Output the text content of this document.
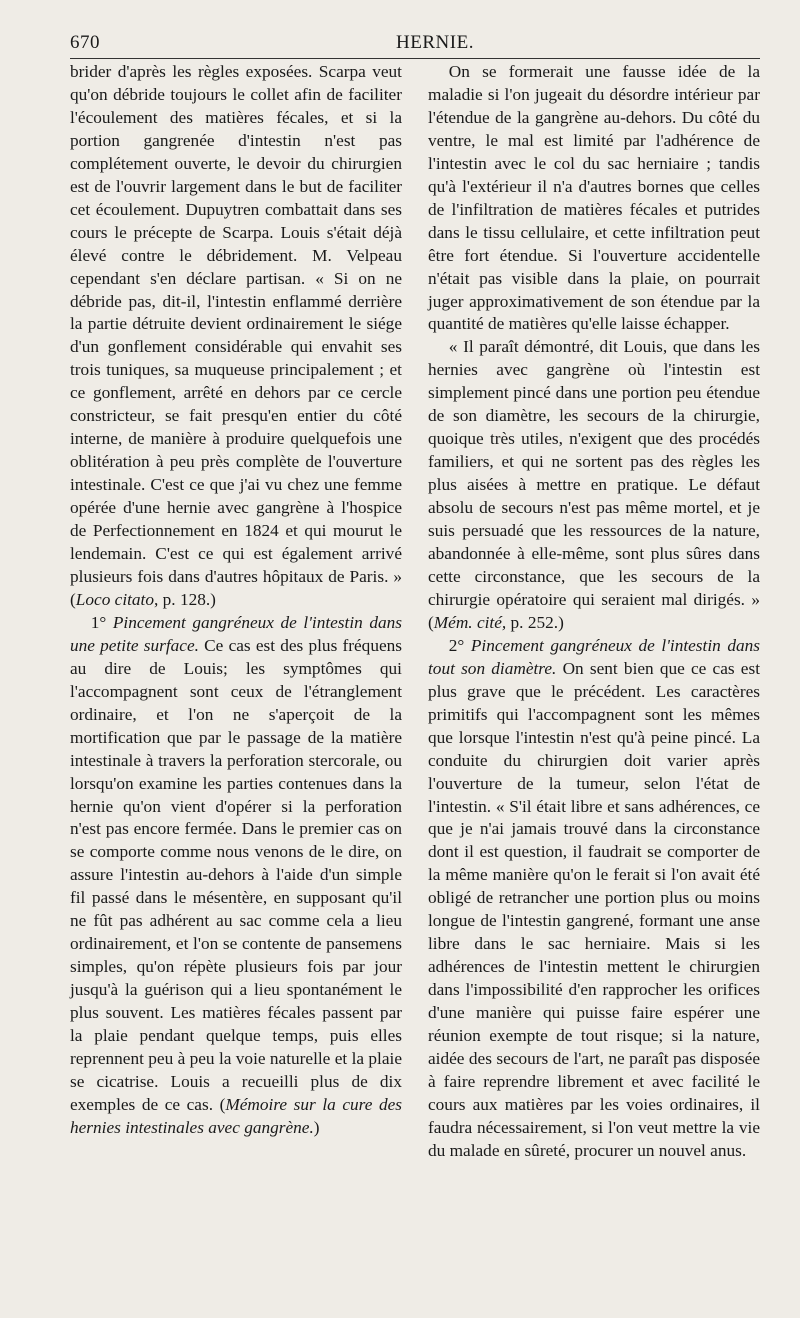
670	HERNIE.

brider d'après les règles exposées. Scarpa veut qu'on débride toujours le collet afin de faciliter l'écoulement des matières fécales, et si la portion gangrenée d'intestin n'est pas complétement ouverte, le devoir du chirurgien est de l'ouvrir largement dans le but de faciliter cet écoulement. Dupuytren combattait dans ses cours le précepte de Scarpa. Louis s'était déjà élevé contre le débridement. M. Velpeau cependant s'en déclare partisan. « Si on ne débride pas, dit-il, l'intestin enflammé derrière la partie détruite devient ordinairement le siége d'un gonflement considérable qui envahit ses trois tuniques, sa muqueuse principalement ; et ce gonflement, arrêté en dehors par ce cercle constricteur, se fait presqu'en entier du côté interne, de manière à produire quelquefois une oblitération à peu près complète de l'ouverture intestinale. C'est ce que j'ai vu chez une femme opérée d'une hernie avec gangrène à l'hospice de Perfectionnement en 1824 et qui mourut le lendemain. C'est ce qui est également arrivé plusieurs fois dans d'autres hôpitaux de Paris. » (Loco citato, p. 128.)

1° Pincement gangréneux de l'intestin dans une petite surface. Ce cas est des plus fréquens au dire de Louis; les symptômes qui l'accompagnent sont ceux de l'étranglement ordinaire, et l'on ne s'aperçoit de la mortification que par le passage de la matière intestinale à travers la perforation stercorale, ou lorsqu'on examine les parties contenues dans la hernie qu'on vient d'opérer si la perforation n'est pas encore fermée. Dans le premier cas on se comporte comme nous venons de le dire, on assure l'intestin au-dehors à l'aide d'un simple fil passé dans le mésentère, en supposant qu'il ne fût pas adhérent au sac comme cela a lieu ordinairement, et l'on se contente de pansemens simples, qu'on répète plusieurs fois par jour jusqu'à la guérison qui a lieu spontanément le plus souvent. Les matières fécales passent par la plaie pendant quelque temps, puis elles reprennent peu à peu la voie naturelle et la plaie se cicatrise. Louis a recueilli plus de dix exemples de ce cas. (Mémoire sur la cure des hernies intestinales avec gangrène.)

On se formerait une fausse idée de la maladie si l'on jugeait du désordre intérieur par l'étendue de la gangrène au-dehors. Du côté du ventre, le mal est limité par l'adhérence de l'intestin avec le col du sac herniaire ; tandis qu'à l'extérieur il n'a d'autres bornes que celles de l'infiltration de matières fécales et putrides dans le tissu cellulaire, et cette infiltration peut être fort étendue. Si l'ouverture accidentelle n'était pas visible dans la plaie, on pourrait juger approximativement de son étendue par la quantité de matières qu'elle laisse échapper.

« Il paraît démontré, dit Louis, que dans les hernies avec gangrène où l'intestin est simplement pincé dans une portion peu étendue de son diamètre, les secours de la chirurgie, quoique très utiles, n'exigent que des procédés familiers, et qui ne sortent pas des règles les plus aisées à mettre en pratique. Le défaut absolu de secours n'est pas même mortel, et je suis persuadé que les ressources de la nature, abandonnée à elle-même, sont plus sûres dans cette circonstance, que les secours de la chirurgie opératoire qui seraient mal dirigés. » (Mém. cité, p. 252.)

2° Pincement gangréneux de l'intestin dans tout son diamètre. On sent bien que ce cas est plus grave que le précédent. Les caractères primitifs qui l'accompagnent sont les mêmes que lorsque l'intestin n'est qu'à peine pincé. La conduite du chirurgien doit varier après l'ouverture de la tumeur, selon l'état de l'intestin. « S'il était libre et sans adhérences, ce que je n'ai jamais trouvé dans la circonstance dont il est question, il faudrait se comporter de la même manière qu'on le ferait si l'on avait été obligé de retrancher une portion plus ou moins longue de l'intestin gangrené, formant une anse libre dans le sac herniaire. Mais si les adhérences de l'intestin mettent le chirurgien dans l'impossibilité d'en rapprocher les orifices d'une manière qui puisse faire espérer une réunion exempte de tout risque; si la nature, aidée des secours de l'art, ne paraît pas disposée à faire reprendre librement et avec facilité le cours aux matières par les voies ordinaires, il faudra nécessairement, si l'on veut mettre la vie du malade en sûreté, procurer un nouvel anus.
